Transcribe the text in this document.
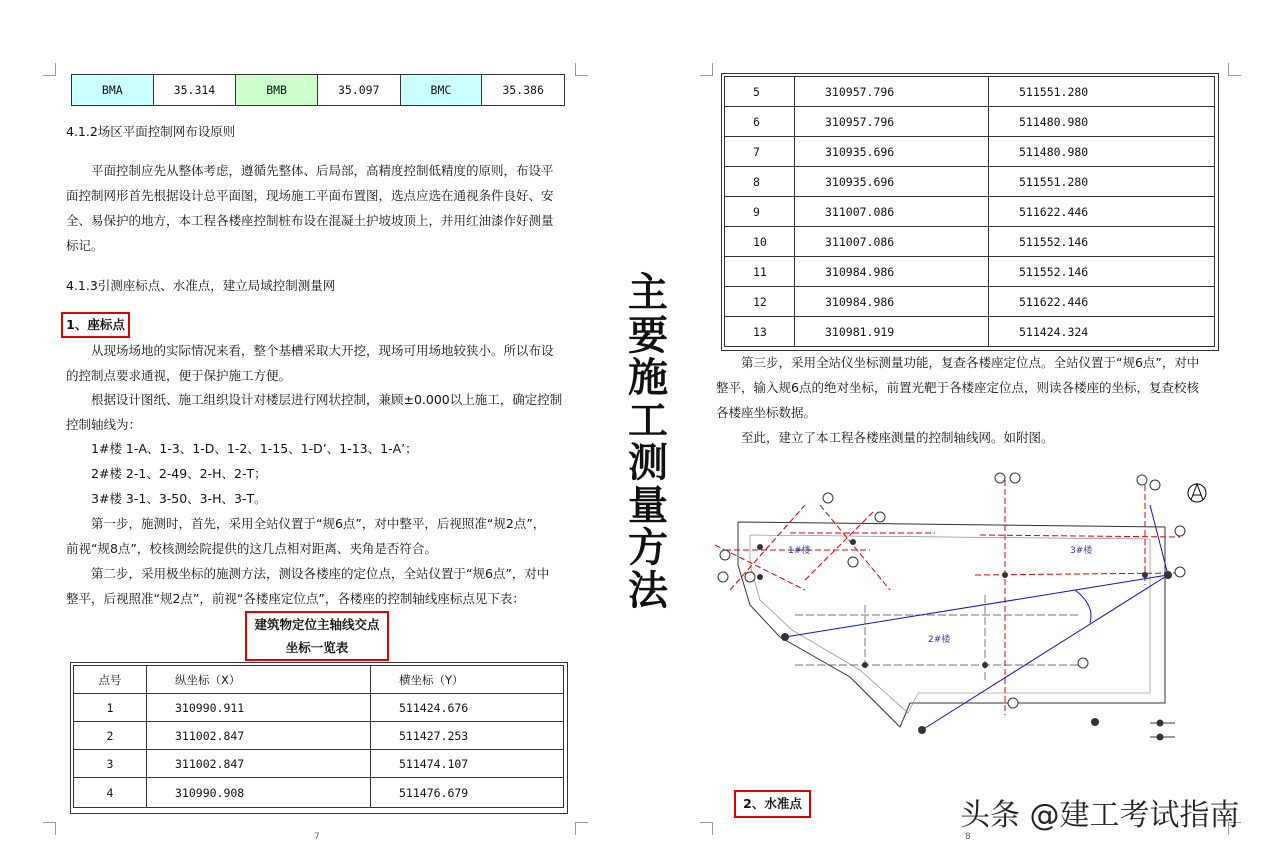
BMA	35.314	BMB	35.097	BMC	35.386
4.1.2场区平面控制网布设原则
平面控制应先从整体考虑，遵循先整体、后局部，高精度控制低精度的原则，布设平
面控制网形首先根据设计总平面图，现场施工平面布置图，选点应选在通视条件良好、安
全、易保护的地方，本工程各楼座控制桩布设在混凝土护坡坡顶上，并用红油漆作好测量
标记。
4.1.3引测座标点、水准点，建立局域控制测量网
1、座标点
从现场场地的实际情况来看，整个基槽采取大开挖，现场可用场地较狭小。所以布设
的控制点要求通视，便于保护施工方便。
根据设计图纸、施工组织设计对楼层进行网状控制，兼顾±0.000以上施工，确定控制
控制轴线为：
1#楼 1-A、1-3、1-D、1-2、1-15、1-D’、1-13、1-A’；
2#楼 2-1、2-49、2-H、2-T；
3#楼 3-1、3-50、3-H、3-T。
第一步，施测时，首先，采用全站仪置于“规6点”，对中整平，后视照准“规2点”，
前视“规8点”，校核测绘院提供的这几点相对距离、夹角是否符合。
第二步，采用极坐标的施测方法，测设各楼座的定位点，全站仪置于“规6点”，对中
整平，后视照准“规2点”，前视“各楼座定位点”，各楼座的控制轴线座标点见下表：
建筑物定位主轴线交点
坐标一览表
点号	纵坐标（X）	横坐标（Y）
1	310990.911	511424.676
2	311002.847	511427.253
3	311002.847	511474.107
4	310990.908	511476.679
7
主
要
施
工
测
量
方
法
5	310957.796	511551.280
6	310957.796	511480.980
7	310935.696	511480.980
8	310935.696	511551.280
9	311007.086	511622.446
10	311007.086	511552.146
11	310984.986	511552.146
12	310984.986	511622.446
13	310981.919	511424.324
第三步，采用全站仪坐标测量功能，复查各楼座定位点。全站仪置于“规6点”，对中
整平，输入规6点的绝对坐标，前置光靶于各楼座定位点，则读各楼座的坐标，复查校核
各楼座坐标数据。
至此，建立了本工程各楼座测量的控制轴线网。如附图。
1#楼
2#楼
3#楼
2、水准点
8
头条 @建工考试指南
